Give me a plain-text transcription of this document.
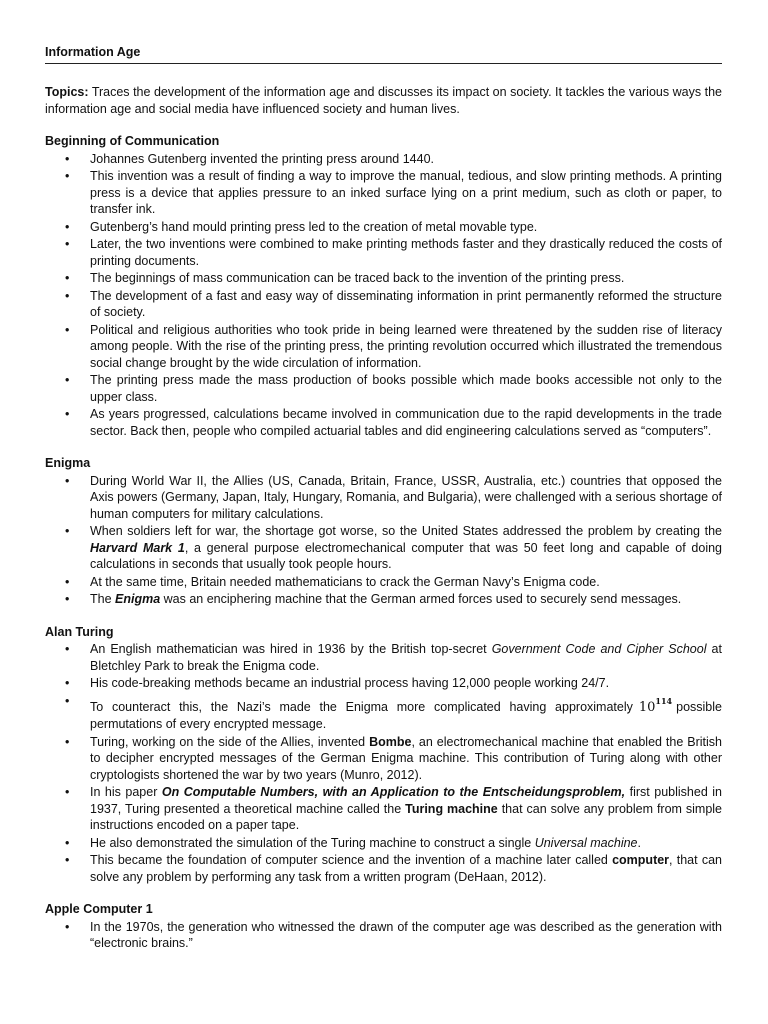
Information Age

Topics: Traces the development of the information age and discusses its impact on society. It tackles the various ways the information age and social media have influenced society and human lives.

Beginning of Communication
• Johannes Gutenberg invented the printing press around 1440.
• This invention was a result of finding a way to improve the manual, tedious, and slow printing methods. A printing press is a device that applies pressure to an inked surface lying on a print medium, such as cloth or paper, to transfer ink.
• Gutenberg’s hand mould printing press led to the creation of metal movable type.
• Later, the two inventions were combined to make printing methods faster and they drastically reduced the costs of printing documents.
• The beginnings of mass communication can be traced back to the invention of the printing press.
• The development of a fast and easy way of disseminating information in print permanently reformed the structure of society.
• Political and religious authorities who took pride in being learned were threatened by the sudden rise of literacy among people. With the rise of the printing press, the printing revolution occurred which illustrated the tremendous social change brought by the wide circulation of information.
• The printing press made the mass production of books possible which made books accessible not only to the upper class.
• As years progressed, calculations became involved in communication due to the rapid developments in the trade sector. Back then, people who compiled actuarial tables and did engineering calculations served as “computers”.
Enigma
• During World War II, the Allies (US, Canada, Britain, France, USSR, Australia, etc.) countries that opposed the Axis powers (Germany, Japan, Italy, Hungary, Romania, and Bulgaria), were challenged with a serious shortage of human computers for military calculations.
• When soldiers left for war, the shortage got worse, so the United States addressed the problem by creating the Harvard Mark 1, a general purpose electromechanical computer that was 50 feet long and capable of doing calculations in seconds that usually took people hours.
• At the same time, Britain needed mathematicians to crack the German Navy’s Enigma code.
• The Enigma was an enciphering machine that the German armed forces used to securely send messages.
Alan Turing
• An English mathematician was hired in 1936 by the British top-secret Government Code and Cipher School at Bletchley Park to break the Enigma code.
• His code-breaking methods became an industrial process having 12,000 people working 24/7.
• To counteract this, the Nazi’s made the Enigma more complicated having approximately $10^{114}$ possible permutations of every encrypted message.
• Turing, working on the side of the Allies, invented Bombe, an electromechanical machine that enabled the British to decipher encrypted messages of the German Enigma machine. This contribution of Turing along with other cryptologists shortened the war by two years (Munro, 2012).
• In his paper On Computable Numbers, with an Application to the Entscheidungsproblem, first published in 1937, Turing presented a theoretical machine called the Turing machine that can solve any problem from simple instructions encoded on a paper tape.
• He also demonstrated the simulation of the Turing machine to construct a single Universal machine.
• This became the foundation of computer science and the invention of a machine later called computer, that can solve any problem by performing any task from a written program (DeHaan, 2012).
Apple Computer 1
• In the 1970s, the generation who witnessed the drawn of the computer age was described as the generation with “electronic brains.”
